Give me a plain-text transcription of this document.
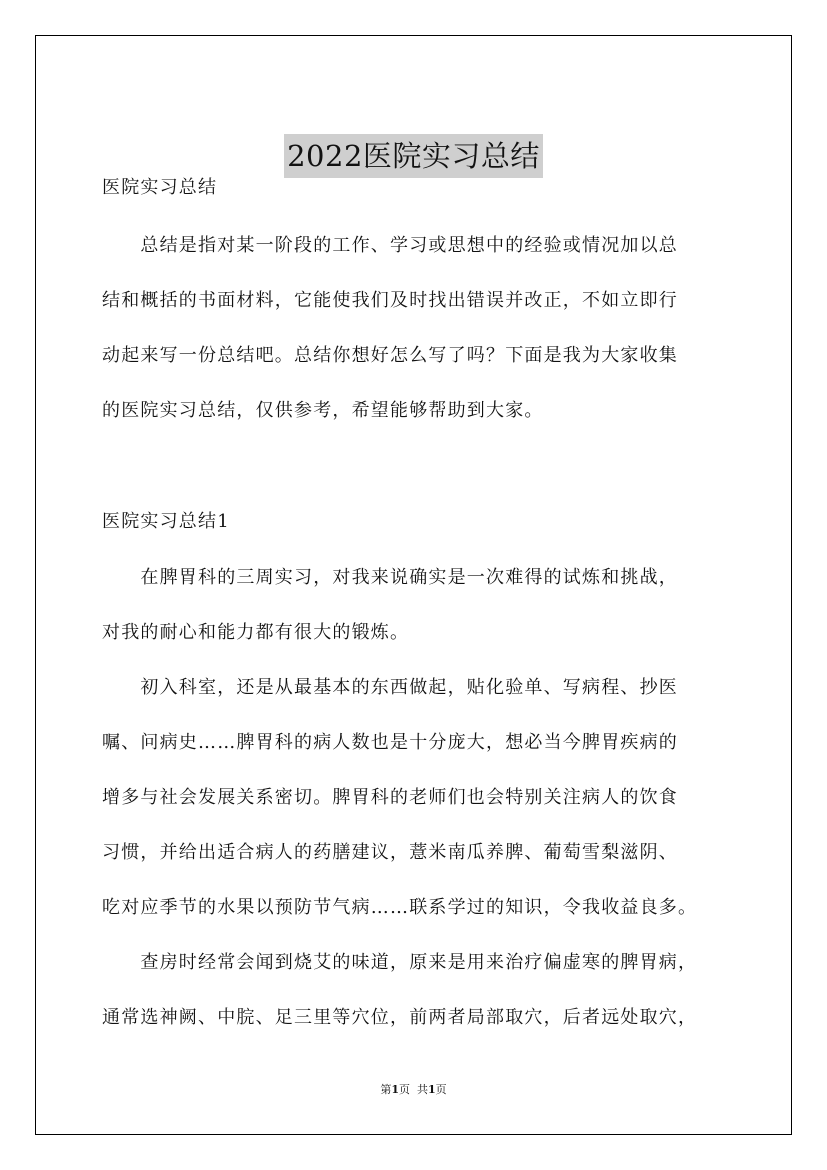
2022医院实习总结
医院实习总结
　　总结是指对某一阶段的工作、学习或思想中的经验或情况加以总
结和概括的书面材料，它能使我们及时找出错误并改正，不如立即行
动起来写一份总结吧。总结你想好怎么写了吗？下面是我为大家收集
的医院实习总结，仅供参考，希望能够帮助到大家。
医院实习总结1
　　在脾胃科的三周实习，对我来说确实是一次难得的试炼和挑战，
对我的耐心和能力都有很大的锻炼。
　　初入科室，还是从最基本的东西做起，贴化验单、写病程、抄医
嘱、问病史……脾胃科的病人数也是十分庞大，想必当今脾胃疾病的
增多与社会发展关系密切。脾胃科的老师们也会特别关注病人的饮食
习惯，并给出适合病人的药膳建议，薏米南瓜养脾、葡萄雪梨滋阴、
吃对应季节的水果以预防节气病……联系学过的知识，令我收益良多。
　　查房时经常会闻到烧艾的味道，原来是用来治疗偏虚寒的脾胃病，
通常选神阙、中脘、足三里等穴位，前两者局部取穴，后者远处取穴，
第1页 共1页
